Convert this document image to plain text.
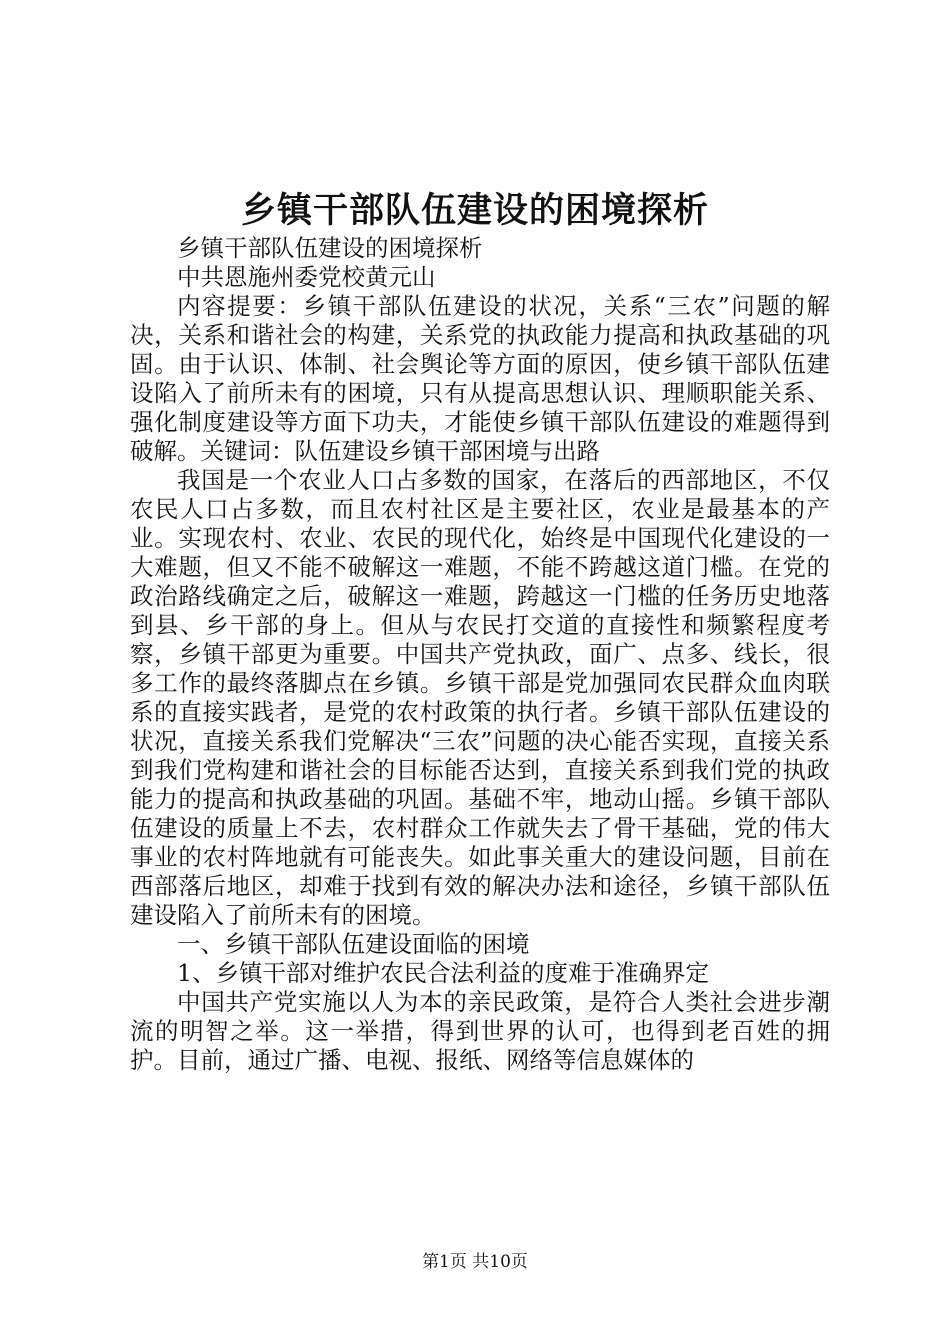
乡镇干部队伍建设的困境探析

乡镇干部队伍建设的困境探析

中共恩施州委党校黄元山

内容提要：乡镇干部队伍建设的状况，关系“三农”问题的解决，关系和谐社会的构建，关系党的执政能力提高和执政基础的巩固。由于认识、体制、社会舆论等方面的原因，使乡镇干部队伍建设陷入了前所未有的困境，只有从提高思想认识、理顺职能关系、强化制度建设等方面下功夫，才能使乡镇干部队伍建设的难题得到破解。关键词：队伍建设乡镇干部困境与出路

我国是一个农业人口占多数的国家，在落后的西部地区，不仅农民人口占多数，而且农村社区是主要社区，农业是最基本的产业。实现农村、农业、农民的现代化，始终是中国现代化建设的一大难题，但又不能不破解这一难题，不能不跨越这道门槛。在党的政治路线确定之后，破解这一难题，跨越这一门槛的任务历史地落到县、乡干部的身上。但从与农民打交道的直接性和频繁程度考察，乡镇干部更为重要。中国共产党执政，面广、点多、线长，很多工作的最终落脚点在乡镇。乡镇干部是党加强同农民群众血肉联系的直接实践者，是党的农村政策的执行者。乡镇干部队伍建设的状况，直接关系我们党解决“三农”问题的决心能否实现，直接关系到我们党构建和谐社会的目标能否达到，直接关系到我们党的执政能力的提高和执政基础的巩固。基础不牢，地动山摇。乡镇干部队伍建设的质量上不去，农村群众工作就失去了骨干基础，党的伟大事业的农村阵地就有可能丧失。如此事关重大的建设问题，目前在西部落后地区，却难于找到有效的解决办法和途径，乡镇干部队伍建设陷入了前所未有的困境。

一、乡镇干部队伍建设面临的困境

1、乡镇干部对维护农民合法利益的度难于准确界定

中国共产党实施以人为本的亲民政策，是符合人类社会进步潮流的明智之举。这一举措，得到世界的认可，也得到老百姓的拥护。目前，通过广播、电视、报纸、网络等信息媒体的

第1页 共10页
